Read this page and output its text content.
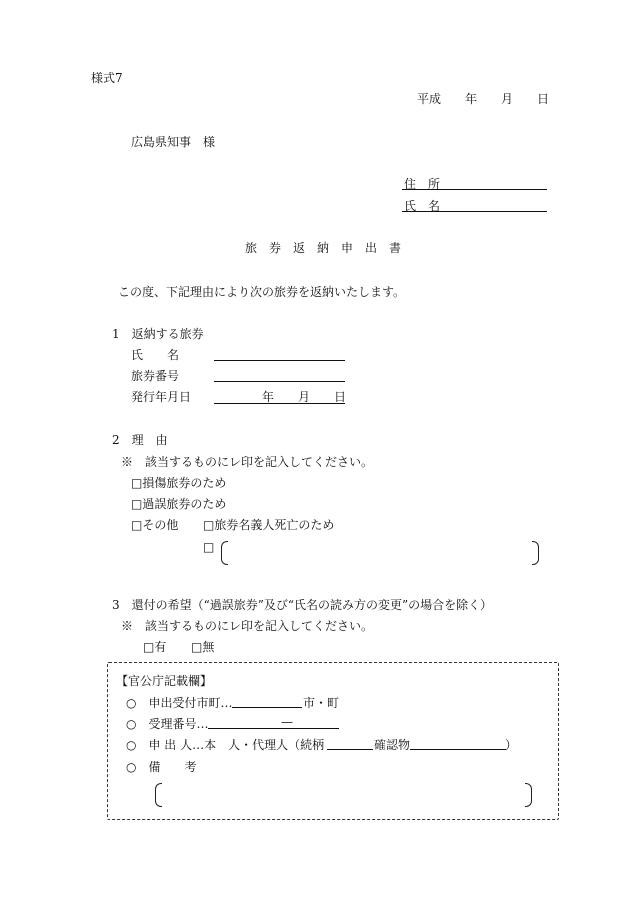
様式7
平成　　年　　月　　日
広島県知事　様
住　所
氏　名
旅券返納申出書
この度、下記理由により次の旅券を返納いたします。
1　返納する旅券
氏　　名
旅券番号
発行年月日	年　　月　　日
2　理　由
※　該当するものにレ印を記入してください。
□損傷旅券のため
□過誤旅券のため
□その他 □旅券名義人死亡のため
□
3　還付の希望（“過誤旅券”及び“氏名の読み方の変更”の場合を除く）
※　該当するものにレ印を記入してください。
□有 □無
【官公庁記載欄】
○　申出受付市町…	市・町
○　受理番号…	—
○　申 出 人…本　人・代理人（続柄	確認物	）
○　備　　考
